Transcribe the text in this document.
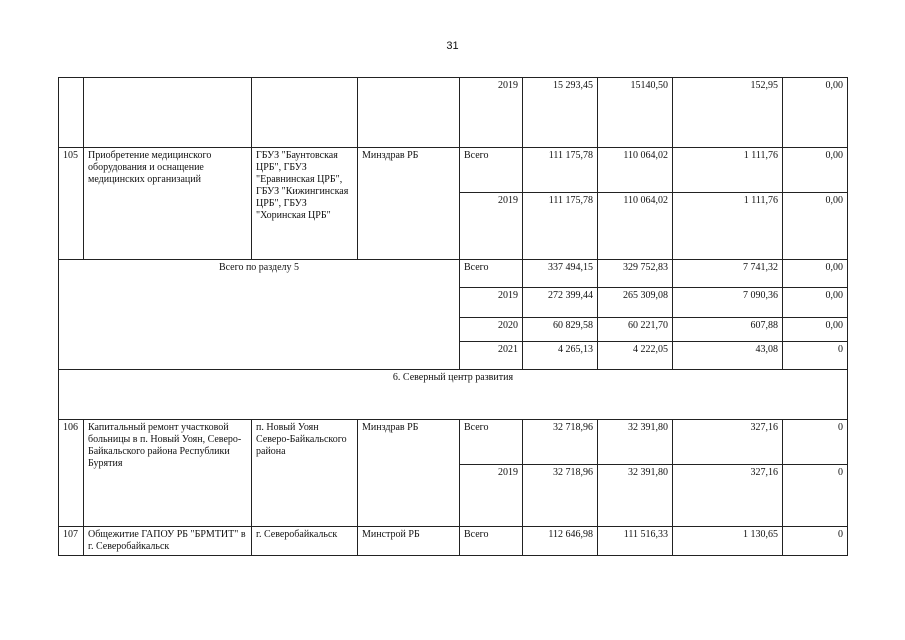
31
				2019	15 293,45	15140,50	152,95	0,00
105	Приобретение медицинского оборудования и оснащение медицинских организаций	ГБУЗ "Баунтовская ЦРБ", ГБУЗ "Еравнинская ЦРБ", ГБУЗ "Кижингинская ЦРБ", ГБУЗ "Хоринская ЦРБ"	Минздрав РБ	Всего	111 175,78	110 064,02	1 111,76	0,00
				2019	111 175,78	110 064,02	1 111,76	0,00
Всего по разделу 5				Всего	337 494,15	329 752,83	7 741,32	0,00
				2019	272 399,44	265 309,08	7 090,36	0,00
				2020	60 829,58	60 221,70	607,88	0,00
				2021	4 265,13	4 222,05	43,08	0
6. Северный центр развития								
106	Капитальный ремонт участковой больницы в п. Новый Уоян, Северо-Байкальского района Республики Бурятия	п. Новый Уоян Северо-Байкальского района	Минздрав РБ	Всего	32 718,96	32 391,80	327,16	0
				2019	32 718,96	32 391,80	327,16	0
107	Общежитие ГАПОУ РБ "БРМТИТ" в г. Северобайкальск	г. Северобайкальск	Минстрой РБ	Всего	112 646,98	111 516,33	1 130,65	0
